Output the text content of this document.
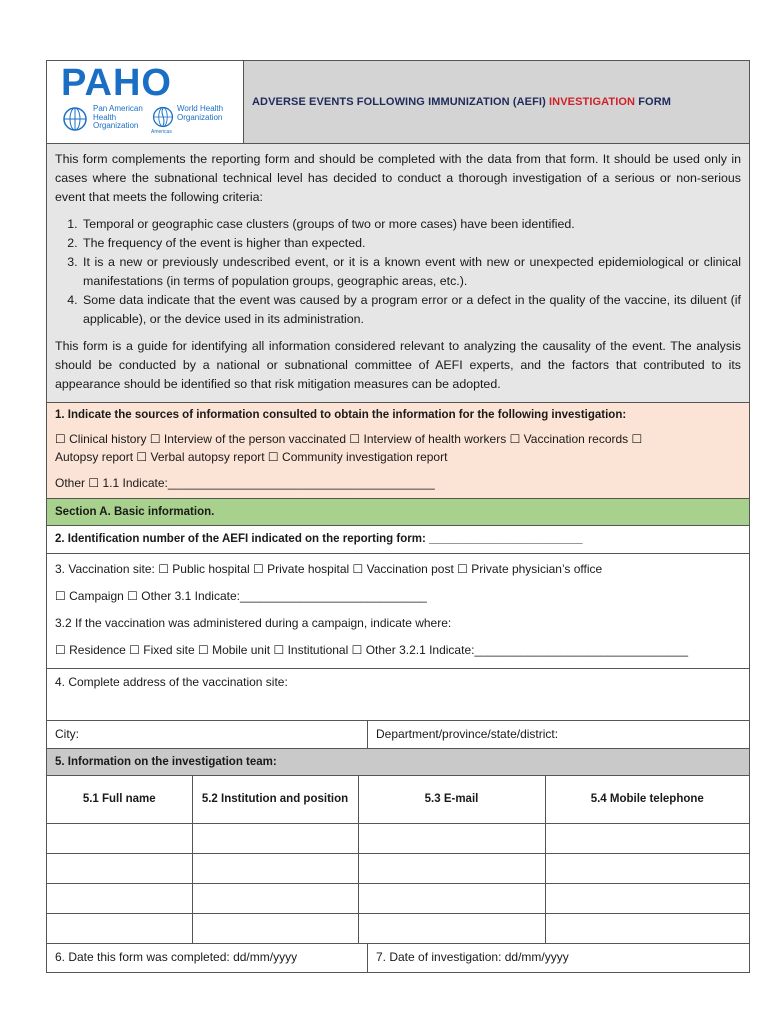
PAHO
Pan American
Health
Organization
World Health
Organization
Americas
ADVERSE EVENTS FOLLOWING IMMUNIZATION (AEFI) INVESTIGATION FORM

This form complements the reporting form and should be completed with the data from that form. It should be used only in cases where the subnational technical level has decided to conduct a thorough investigation of a serious or non-serious event that meets the following criteria:

1. Temporal or geographic case clusters (groups of two or more cases) have been identified.
2. The frequency of the event is higher than expected.
3. It is a new or previously undescribed event, or it is a known event with new or unexpected epidemiological or clinical manifestations (in terms of population groups, geographic areas, etc.).
4. Some data indicate that the event was caused by a program error or a defect in the quality of the vaccine, its diluent (if applicable), or the device used in its administration.

This form is a guide for identifying all information considered relevant to analyzing the causality of the event. The analysis should be conducted by a national or subnational committee of AEFI experts, and the factors that contributed to its appearance should be identified so that risk mitigation measures can be adopted.

1. Indicate the sources of information consulted to obtain the information for the following investigation:
☐ Clinical history ☐ Interview of the person vaccinated ☐ Interview of health workers ☐ Vaccination records ☐
Autopsy report ☐ Verbal autopsy report ☐ Community investigation report
Other ☐ 1.1 Indicate:________________________________________
Section A. Basic information.
2. Identification number of the AEFI indicated on the reporting form: ________________________
3. Vaccination site: ☐ Public hospital ☐ Private hospital ☐ Vaccination post ☐ Private physician’s office
☐ Campaign ☐ Other 3.1 Indicate:____________________________
3.2 If the vaccination was administered during a campaign, indicate where:
☐ Residence ☐ Fixed site ☐ Mobile unit ☐ Institutional ☐ Other 3.2.1 Indicate:________________________________
4. Complete address of the vaccination site:
City:	Department/province/state/district:
5. Information on the investigation team:
5.1 Full name	5.2 Institution and position	5.3 E-mail	5.4 Mobile telephone

6. Date this form was completed: dd/mm/yyyy	7. Date of investigation: dd/mm/yyyy
